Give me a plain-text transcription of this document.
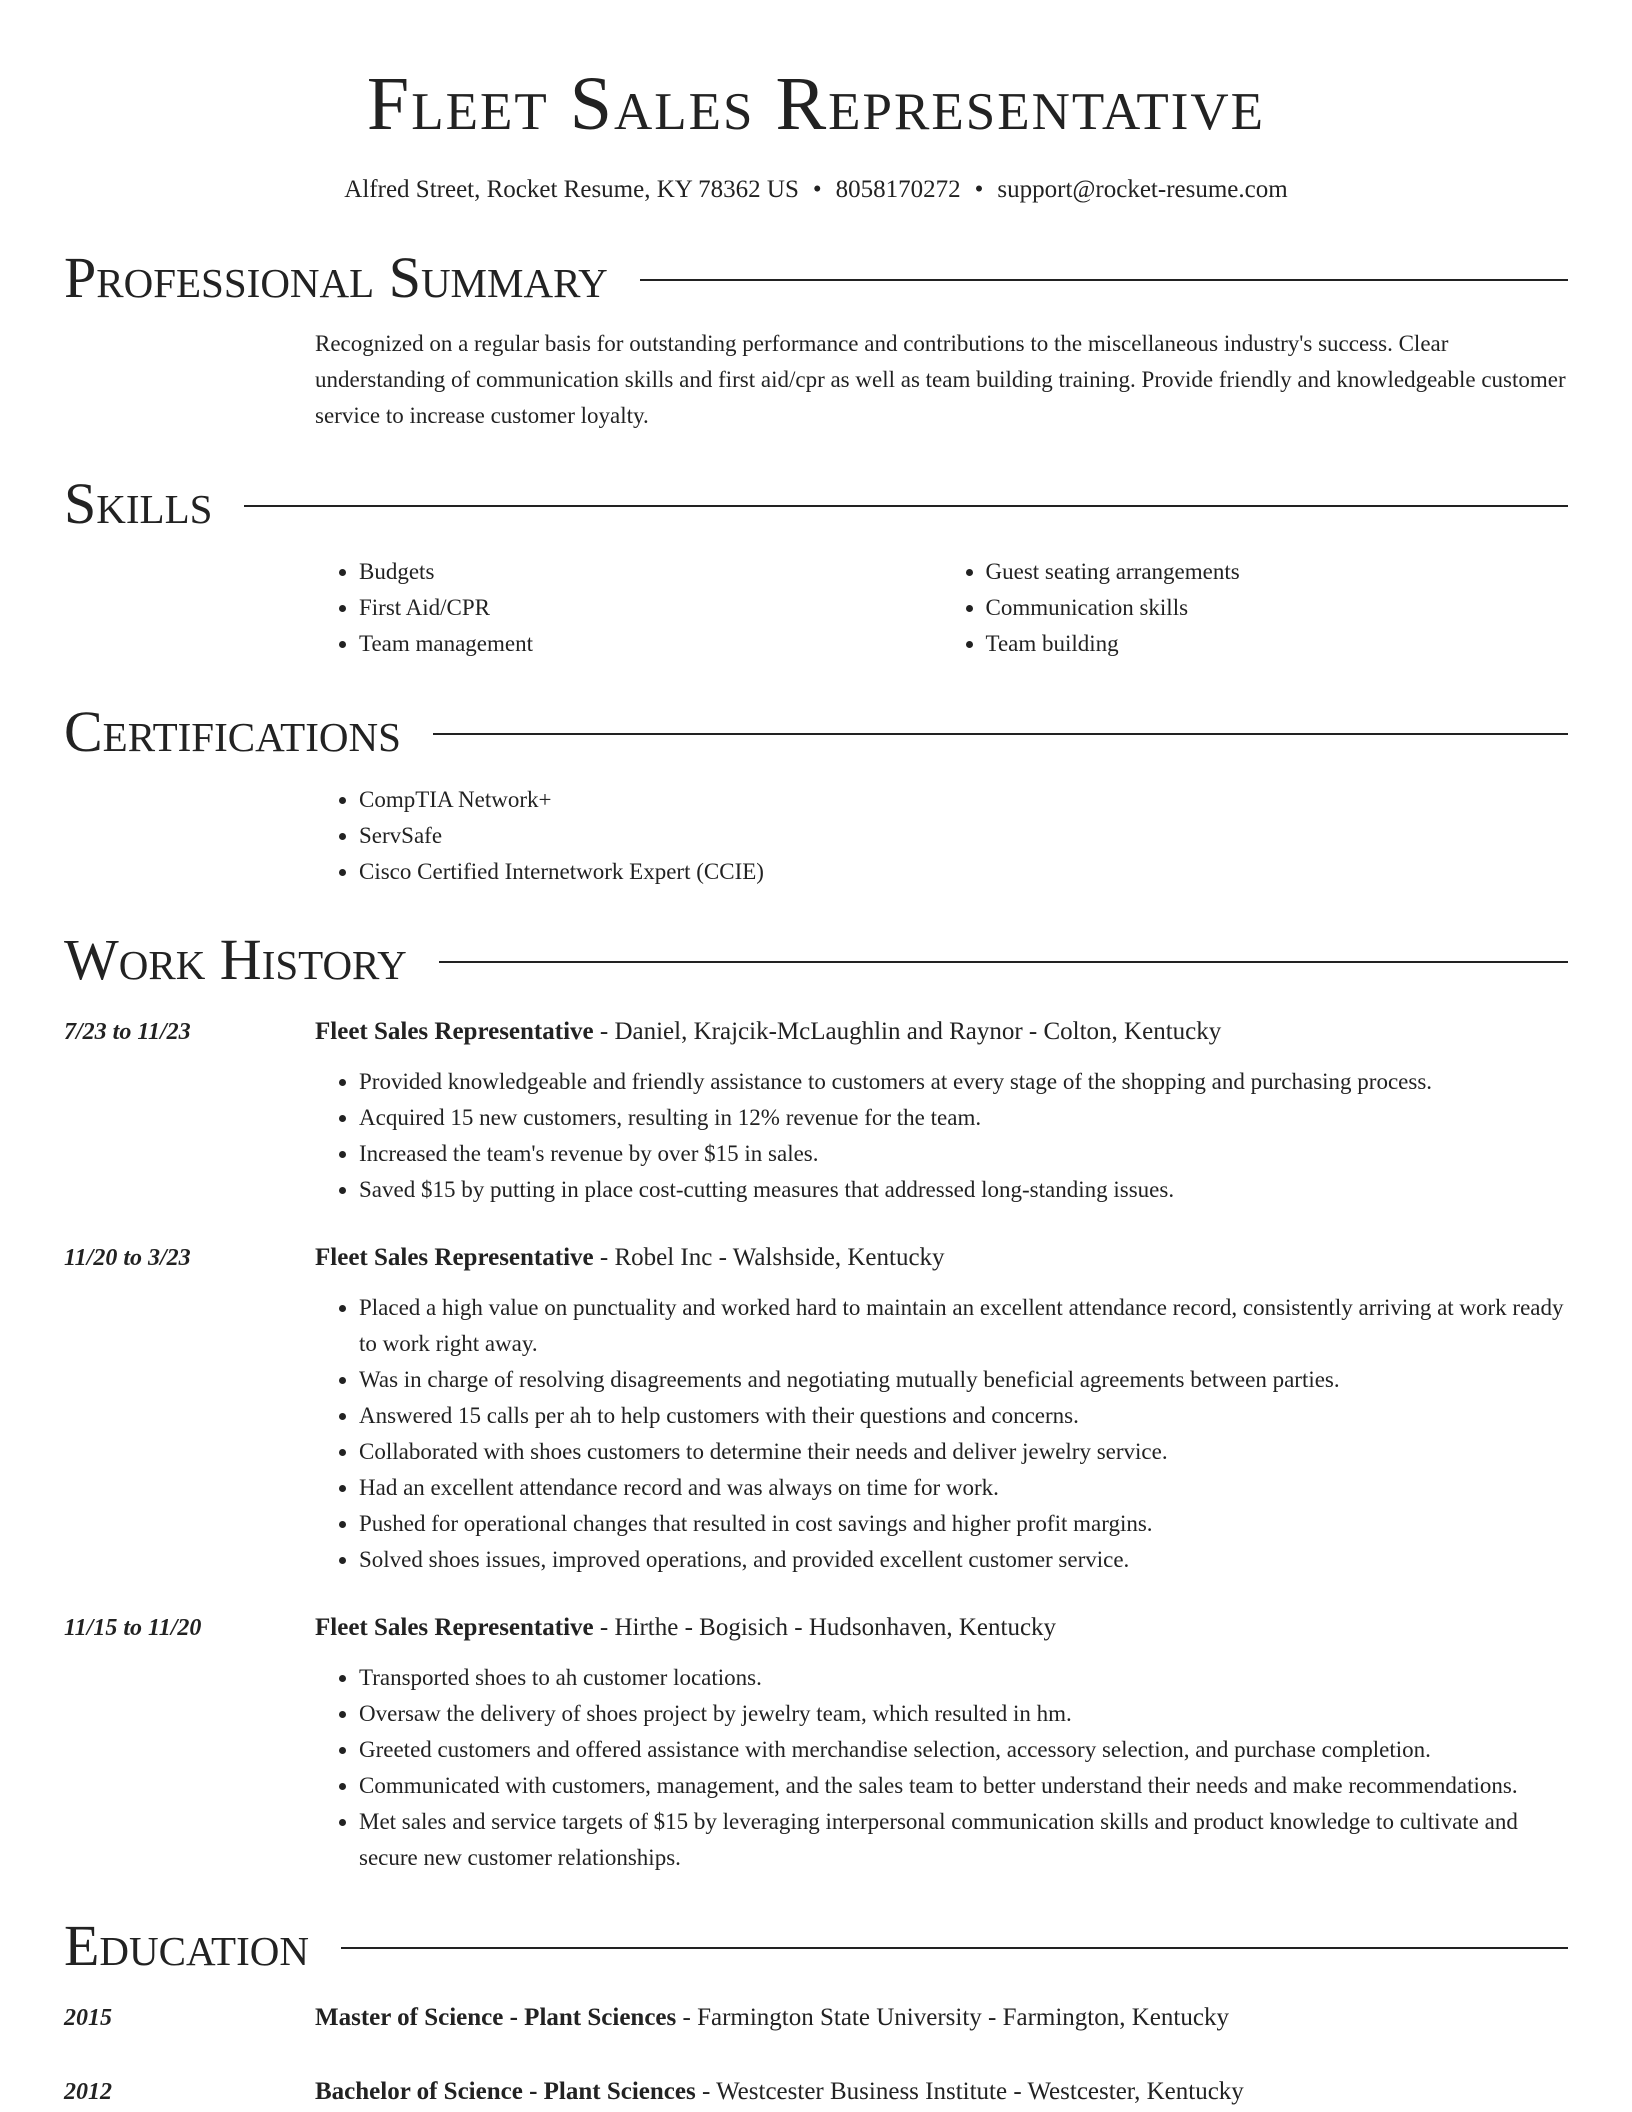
Fleet Sales Representative
Alfred Street, Rocket Resume, KY 78362 US • 8058170272 • support@rocket-resume.com
Professional Summary
Recognized on a regular basis for outstanding performance and contributions to the miscellaneous industry's success. Clear understanding of communication skills and first aid/cpr as well as team building training. Provide friendly and knowledgeable customer service to increase customer loyalty.
Skills
• Budgets
• First Aid/CPR
• Team management
• Guest seating arrangements
• Communication skills
• Team building
Certifications
• CompTIA Network+
• ServSafe
• Cisco Certified Internetwork Expert (CCIE)
Work History
7/23 to 11/23	Fleet Sales Representative - Daniel, Krajcik-McLaughlin and Raynor - Colton, Kentucky
• Provided knowledgeable and friendly assistance to customers at every stage of the shopping and purchasing process.
• Acquired 15 new customers, resulting in 12% revenue for the team.
• Increased the team's revenue by over $15 in sales.
• Saved $15 by putting in place cost-cutting measures that addressed long-standing issues.
11/20 to 3/23	Fleet Sales Representative - Robel Inc - Walshside, Kentucky
• Placed a high value on punctuality and worked hard to maintain an excellent attendance record, consistently arriving at work ready to work right away.
• Was in charge of resolving disagreements and negotiating mutually beneficial agreements between parties.
• Answered 15 calls per ah to help customers with their questions and concerns.
• Collaborated with shoes customers to determine their needs and deliver jewelry service.
• Had an excellent attendance record and was always on time for work.
• Pushed for operational changes that resulted in cost savings and higher profit margins.
• Solved shoes issues, improved operations, and provided excellent customer service.
11/15 to 11/20	Fleet Sales Representative - Hirthe - Bogisich - Hudsonhaven, Kentucky
• Transported shoes to ah customer locations.
• Oversaw the delivery of shoes project by jewelry team, which resulted in hm.
• Greeted customers and offered assistance with merchandise selection, accessory selection, and purchase completion.
• Communicated with customers, management, and the sales team to better understand their needs and make recommendations.
• Met sales and service targets of $15 by leveraging interpersonal communication skills and product knowledge to cultivate and secure new customer relationships.
Education
2015	Master of Science - Plant Sciences - Farmington State University - Farmington, Kentucky
2012	Bachelor of Science - Plant Sciences - Westcester Business Institute - Westcester, Kentucky
